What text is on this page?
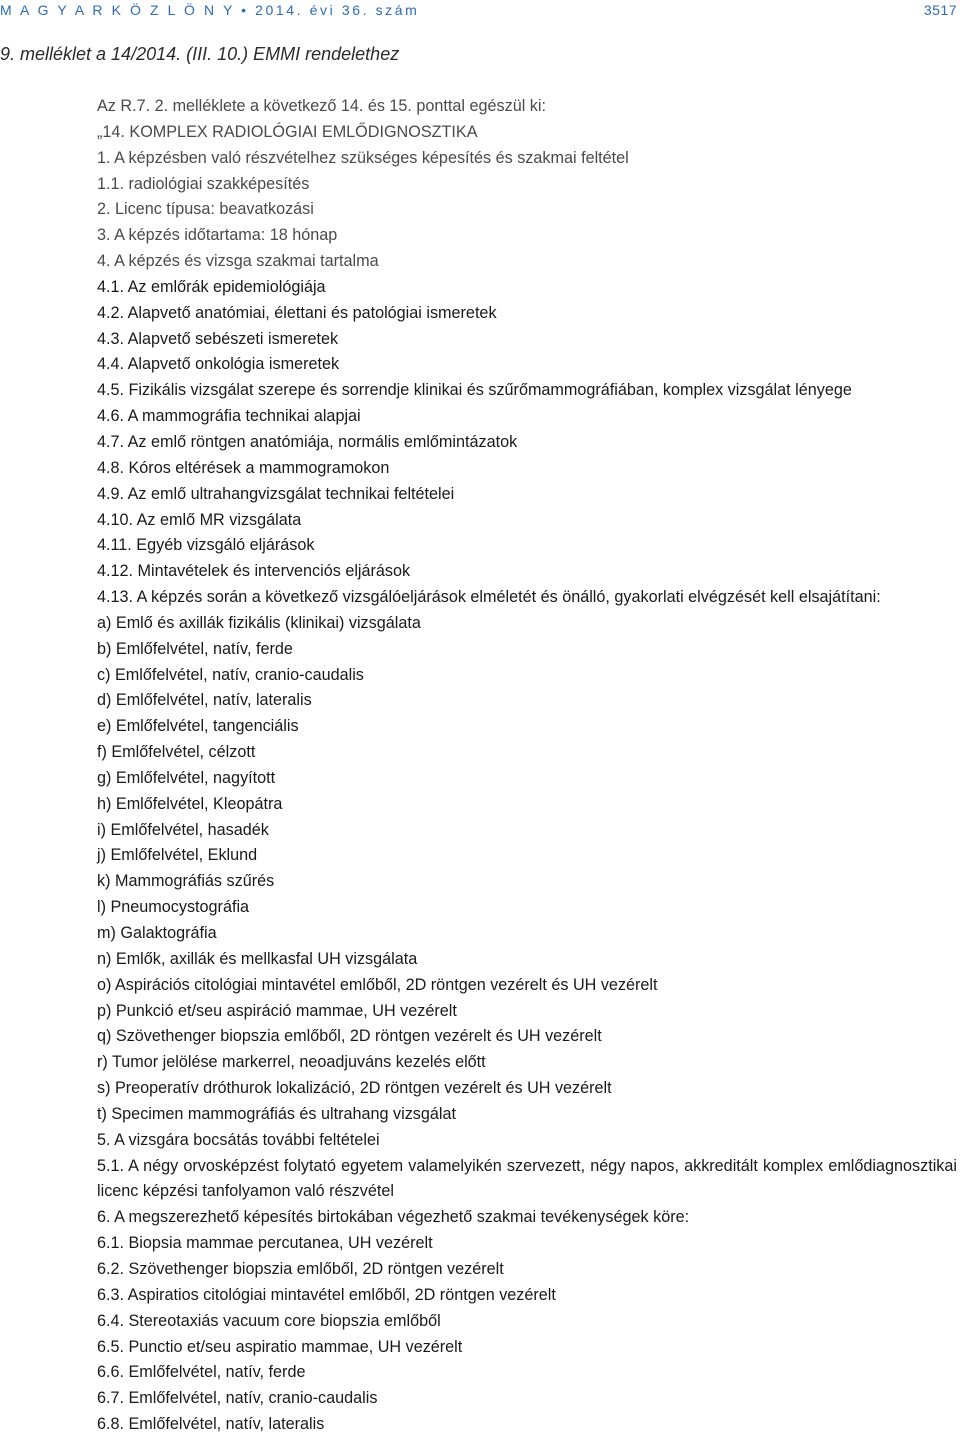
M A G Y A R K Ö Z L Ö N Y • 2014. évi 36. szám	3517
9. melléklet a 14/2014. (III. 10.) EMMI rendelethez
Az R.7. 2. melléklete a következő 14. és 15. ponttal egészül ki:
„14. KOMPLEX RADIOLÓGIAI EMLŐDIGNOSZTIKA
1. A képzésben való részvételhez szükséges képesítés és szakmai feltétel
1.1. radiológiai szakképesítés
2. Licenc típusa: beavatkozási
3. A képzés időtartama: 18 hónap
4. A képzés és vizsga szakmai tartalma
4.1. Az emlőrák epidemiológiája
4.2. Alapvető anatómiai, élettani és patológiai ismeretek
4.3. Alapvető sebészeti ismeretek
4.4. Alapvető onkológia ismeretek
4.5. Fizikális vizsgálat szerepe és sorrendje klinikai és szűrőmammográfiában, komplex vizsgálat lényege
4.6. A mammográfia technikai alapjai
4.7. Az emlő röntgen anatómiája, normális emlőmintázatok
4.8. Kóros eltérések a mammogramokon
4.9. Az emlő ultrahangvizsgálat technikai feltételei
4.10. Az emlő MR vizsgálata
4.11. Egyéb vizsgáló eljárások
4.12. Mintavételek és intervenciós eljárások
4.13. A képzés során a következő vizsgálóeljárások elméletét és önálló, gyakorlati elvégzését kell elsajátítani:
a) Emlő és axillák fizikális (klinikai) vizsgálata
b) Emlőfelvétel, natív, ferde
c) Emlőfelvétel, natív, cranio-caudalis
d) Emlőfelvétel, natív, lateralis
e) Emlőfelvétel, tangenciális
f) Emlőfelvétel, célzott
g) Emlőfelvétel, nagyított
h) Emlőfelvétel, Kleopátra
i) Emlőfelvétel, hasadék
j) Emlőfelvétel, Eklund
k) Mammográfiás szűrés
l) Pneumocystográfia
m) Galaktográfia
n) Emlők, axillák és mellkasfal UH vizsgálata
o) Aspirációs citológiai mintavétel emlőből, 2D röntgen vezérelt és UH vezérelt
p) Punkció et/seu aspiráció mammae, UH vezérelt
q) Szövethenger biopszia emlőből, 2D röntgen vezérelt és UH vezérelt
r) Tumor jelölése markerrel, neoadjuváns kezelés előtt
s) Preoperatív dróthurok lokalizáció, 2D röntgen vezérelt és UH vezérelt
t) Specimen mammográfiás és ultrahang vizsgálat
5. A vizsgára bocsátás további feltételei
5.1. A négy orvosképzést folytató egyetem valamelyikén szervezett, négy napos, akkreditált komplex emlődiagnosztikai licenc képzési tanfolyamon való részvétel
6. A megszerezhető képesítés birtokában végezhető szakmai tevékenységek köre:
6.1. Biopsia mammae percutanea, UH vezérelt
6.2. Szövethenger biopszia emlőből, 2D röntgen vezérelt
6.3. Aspiratios citológiai mintavétel emlőből, 2D röntgen vezérelt
6.4. Stereotaxiás vacuum core biopszia emlőből
6.5. Punctio et/seu aspiratio mammae, UH vezérelt
6.6. Emlőfelvétel, natív, ferde
6.7. Emlőfelvétel, natív, cranio-caudalis
6.8. Emlőfelvétel, natív, lateralis
